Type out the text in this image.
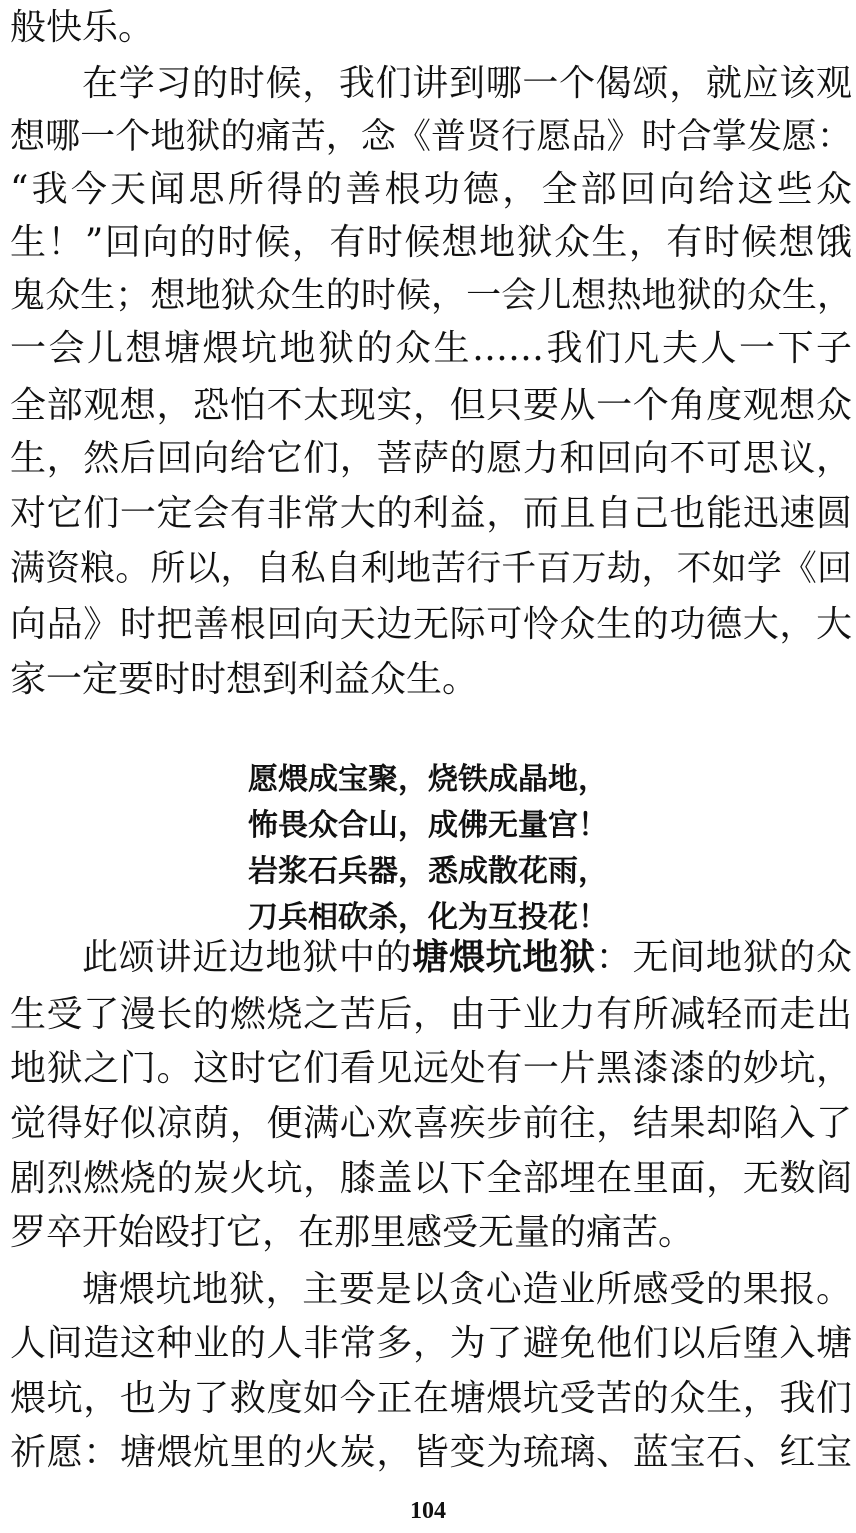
般快乐。
在学习的时候，我们讲到哪一个偈颂，就应该观
想哪一个地狱的痛苦，念《普贤行愿品》时合掌发愿：
“我今天闻思所得的善根功德，全部回向给这些众
生！”回向的时候，有时候想地狱众生，有时候想饿
鬼众生；想地狱众生的时候，一会儿想热地狱的众生，
一会儿想塘煨坑地狱的众生……我们凡夫人一下子
全部观想，恐怕不太现实，但只要从一个角度观想众
生，然后回向给它们，菩萨的愿力和回向不可思议，
对它们一定会有非常大的利益，而且自己也能迅速圆
满资粮。所以，自私自利地苦行千百万劫，不如学《回
向品》时把善根回向天边无际可怜众生的功德大，大
家一定要时时想到利益众生。
愿煨成宝聚，烧铁成晶地，
怖畏众合山，成佛无量宫！
岩浆石兵器，悉成散花雨，
刀兵相砍杀，化为互投花！
此颂讲近边地狱中的塘煨坑地狱：无间地狱的众
生受了漫长的燃烧之苦后，由于业力有所减轻而走出
地狱之门。这时它们看见远处有一片黑漆漆的妙坑，
觉得好似凉荫，便满心欢喜疾步前往，结果却陷入了
剧烈燃烧的炭火坑，膝盖以下全部埋在里面，无数阎
罗卒开始殴打它，在那里感受无量的痛苦。
塘煨坑地狱，主要是以贪心造业所感受的果报。
人间造这种业的人非常多，为了避免他们以后堕入塘
煨坑，也为了救度如今正在塘煨坑受苦的众生，我们
祈愿：塘煨炕里的火炭，皆变为琉璃、蓝宝石、红宝
104
